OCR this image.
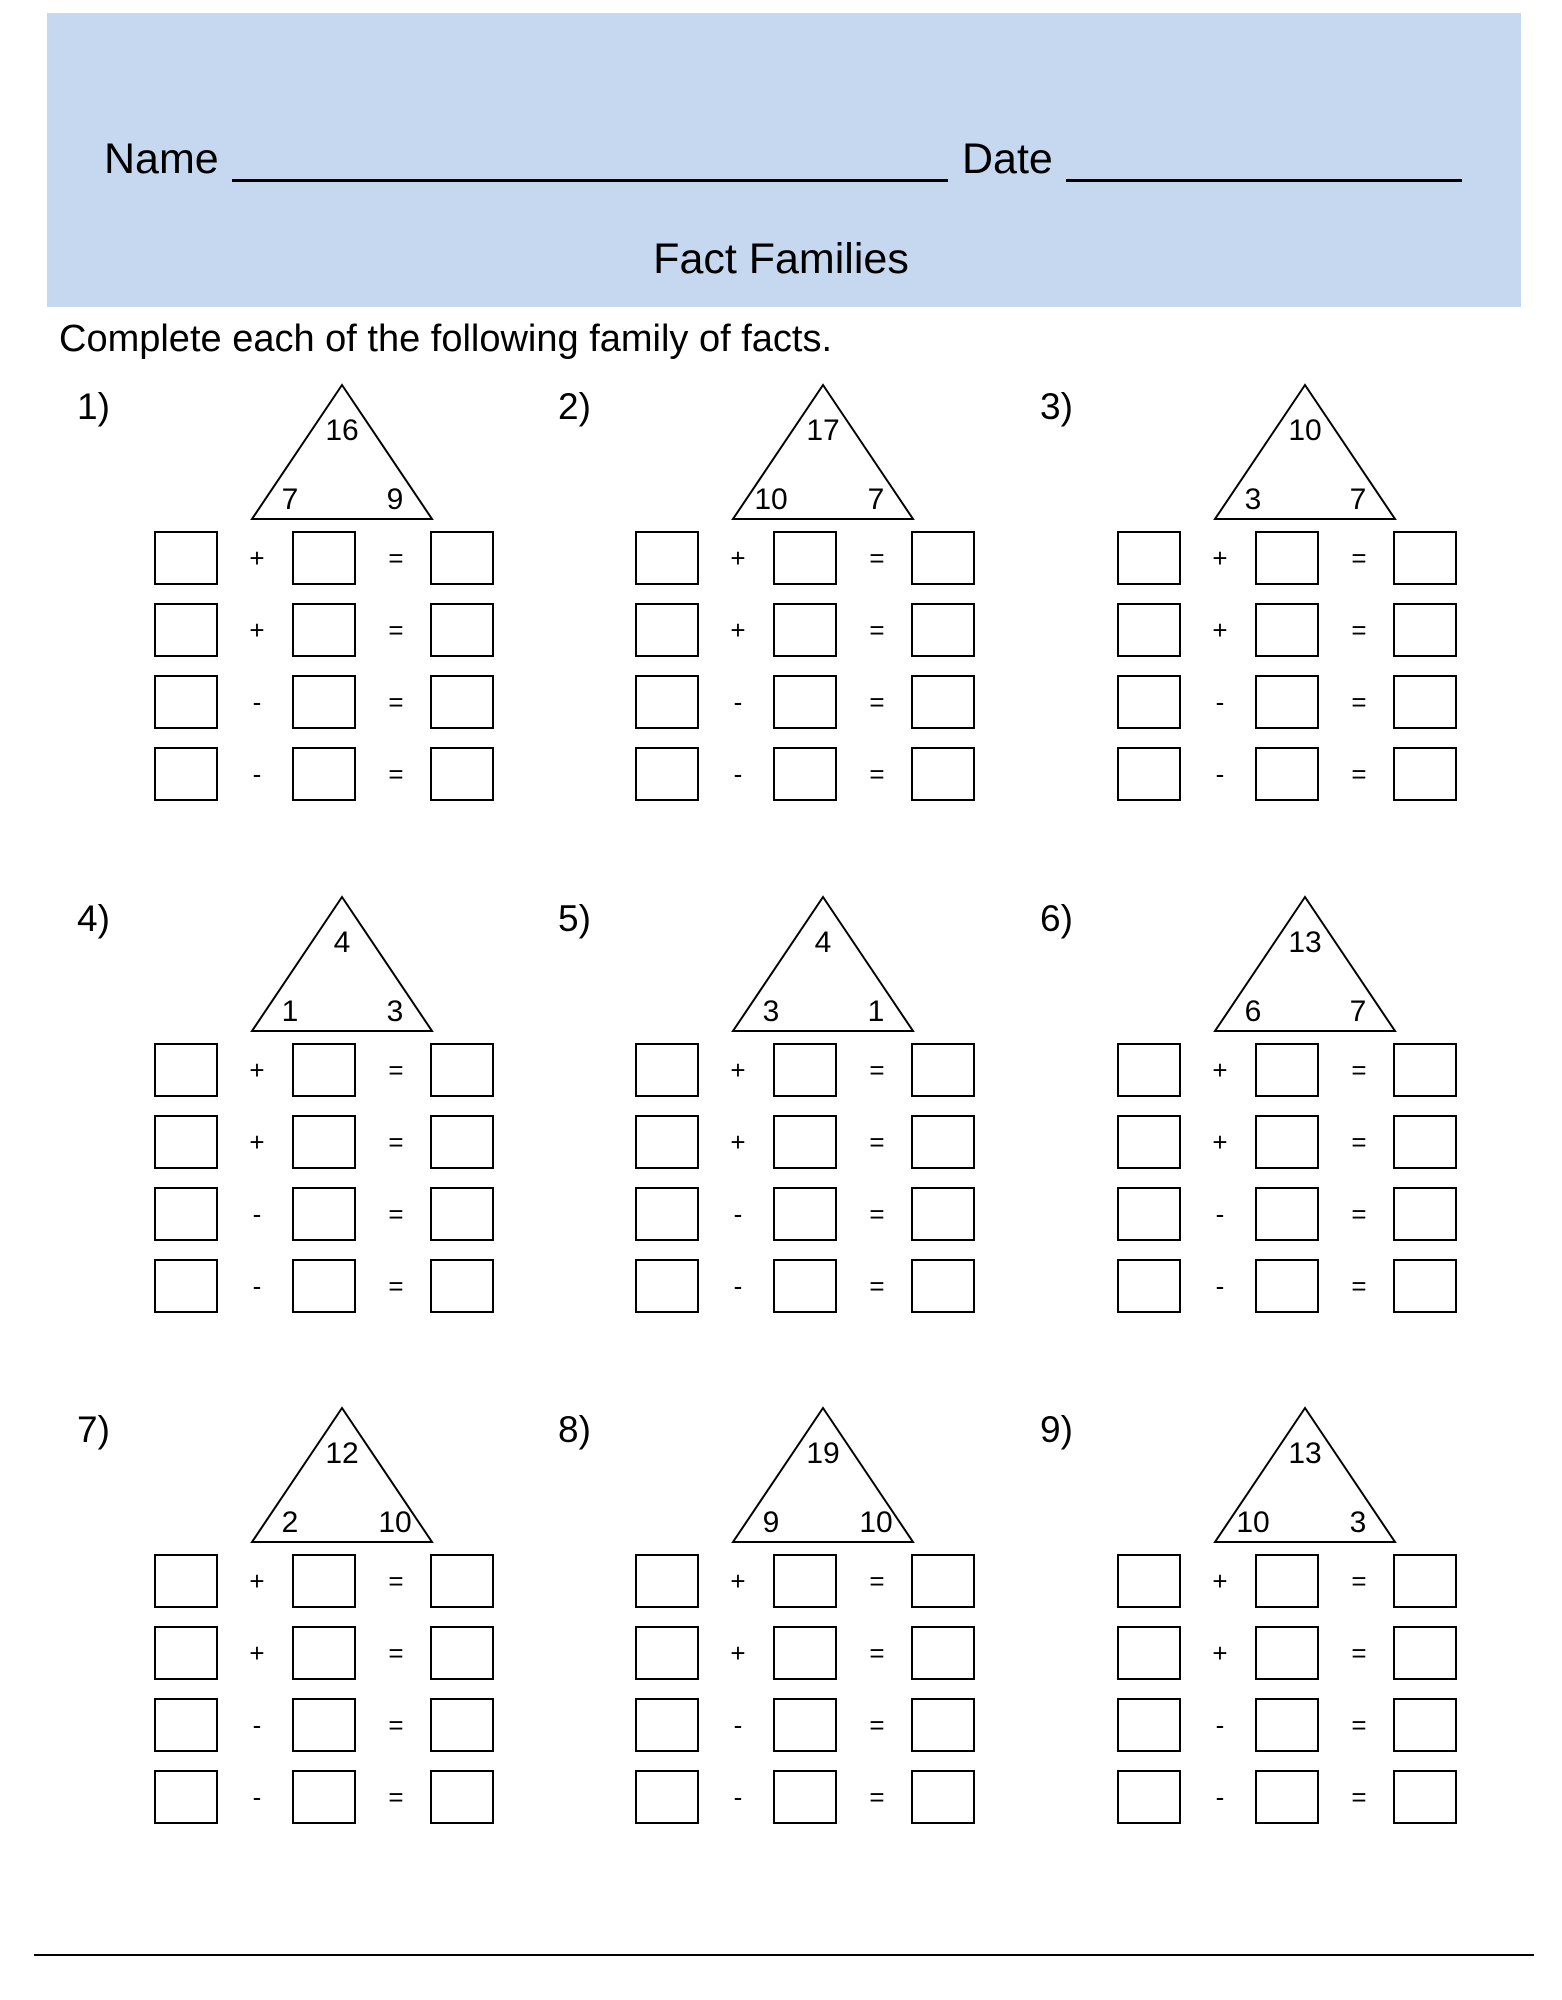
Name	Date
Fact Families
Complete each of the following family of facts.
1)
16
7	9
+	=
+	=
-	=
-	=
2)
17
10	7
+	=
+	=
-	=
-	=
3)
10
3	7
+	=
+	=
-	=
-	=
4)
4
1	3
+	=
+	=
-	=
-	=
5)
4
3	1
+	=
+	=
-	=
-	=
6)
13
6	7
+	=
+	=
-	=
-	=
7)
12
2	10
+	=
+	=
-	=
-	=
8)
19
9	10
+	=
+	=
-	=
-	=
9)
13
10	3
+	=
+	=
-	=
-	=
